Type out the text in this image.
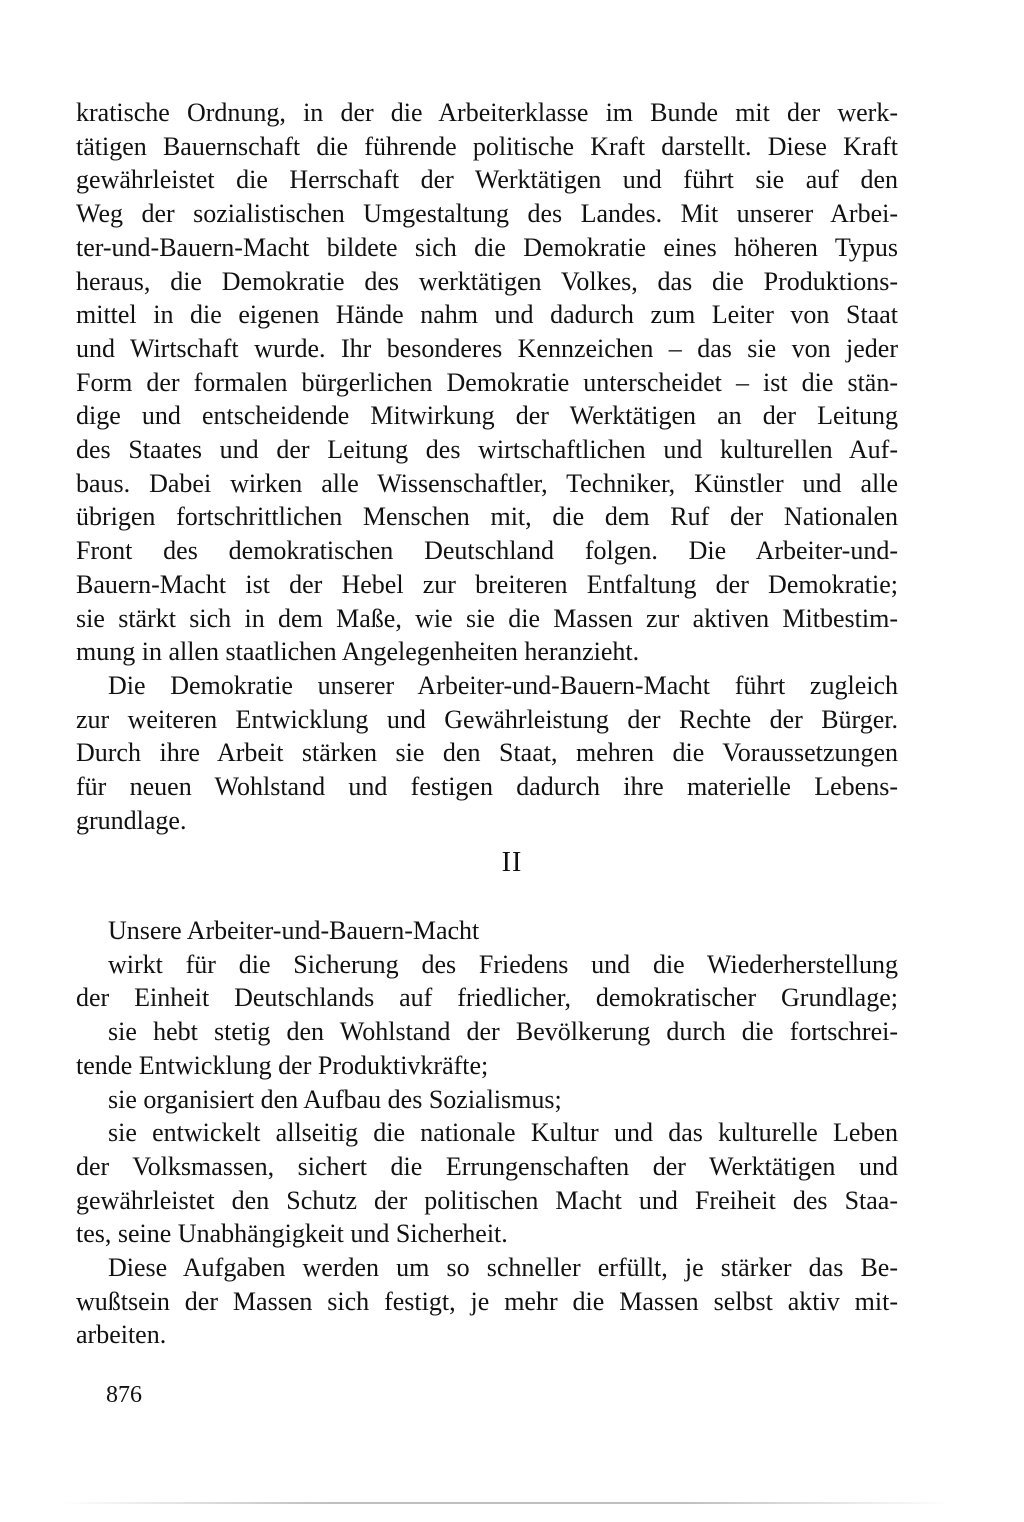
kratische Ordnung, in der die Arbeiterklasse im Bunde mit der werk-
tätigen Bauernschaft die führende politische Kraft darstellt. Diese Kraft
gewährleistet die Herrschaft der Werktätigen und führt sie auf den
Weg der sozialistischen Umgestaltung des Landes. Mit unserer Arbei-
ter-und-Bauern-Macht bildete sich die Demokratie eines höheren Typus
heraus, die Demokratie des werktätigen Volkes, das die Produktions-
mittel in die eigenen Hände nahm und dadurch zum Leiter von Staat
und Wirtschaft wurde. Ihr besonderes Kennzeichen – das sie von jeder
Form der formalen bürgerlichen Demokratie unterscheidet – ist die stän-
dige und entscheidende Mitwirkung der Werktätigen an der Leitung
des Staates und der Leitung des wirtschaftlichen und kulturellen Auf-
baus. Dabei wirken alle Wissenschaftler, Techniker, Künstler und alle
übrigen fortschrittlichen Menschen mit, die dem Ruf der Nationalen
Front des demokratischen Deutschland folgen. Die Arbeiter-und-
Bauern-Macht ist der Hebel zur breiteren Entfaltung der Demokratie;
sie stärkt sich in dem Maße, wie sie die Massen zur aktiven Mitbestim-
mung in allen staatlichen Angelegenheiten heranzieht.
Die Demokratie unserer Arbeiter-und-Bauern-Macht führt zugleich
zur weiteren Entwicklung und Gewährleistung der Rechte der Bürger.
Durch ihre Arbeit stärken sie den Staat, mehren die Voraussetzungen
für neuen Wohlstand und festigen dadurch ihre materielle Lebens-
grundlage.
II
Unsere Arbeiter-und-Bauern-Macht
wirkt für die Sicherung des Friedens und die Wiederherstellung
der Einheit Deutschlands auf friedlicher, demokratischer Grundlage;
sie hebt stetig den Wohlstand der Bevölkerung durch die fortschrei-
tende Entwicklung der Produktivkräfte;
sie organisiert den Aufbau des Sozialismus;
sie entwickelt allseitig die nationale Kultur und das kulturelle Leben
der Volksmassen, sichert die Errungenschaften der Werktätigen und
gewährleistet den Schutz der politischen Macht und Freiheit des Staa-
tes, seine Unabhängigkeit und Sicherheit.
Diese Aufgaben werden um so schneller erfüllt, je stärker das Be-
wußtsein der Massen sich festigt, je mehr die Massen selbst aktiv mit-
arbeiten.
876
